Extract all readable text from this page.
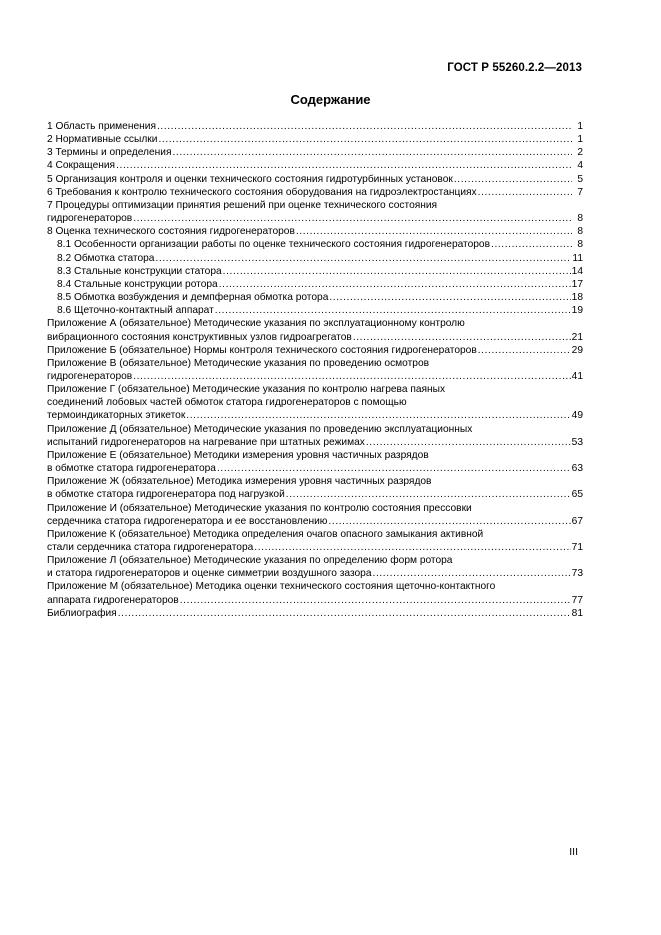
ГОСТ Р 55260.2.2—2013
Содержание
1 Область применения .....	1
2 Нормативные ссылки .....	1
3 Термины и определения .....	2
4 Сокращения .....	4
5 Организация контроля и оценки технического состояния гидротурбинных установок .....	5
6 Требования к контролю технического состояния оборудования на гидроэлектростанциях .....	7
7 Процедуры оптимизации принятия решений при оценке технического состояния
гидрогенераторов .....	8
8 Оценка технического состояния гидрогенераторов .....	8
8.1 Особенности организации работы по оценке технического состояния гидрогенераторов .....	8
8.2 Обмотка статора .....	11
8.3 Стальные конструкции статора .....	14
8.4 Стальные конструкции ротора .....	17
8.5 Обмотка возбуждения и демпферная обмотка ротора .....	18
8.6 Щеточно-контактный аппарат .....	19
Приложение А (обязательное) Методические указания по эксплуатационному контролю
вибрационного состояния конструктивных узлов гидроагрегатов .....	21
Приложение Б (обязательное) Нормы контроля технического состояния гидрогенераторов .....	29
Приложение В (обязательное) Методические указания по проведению осмотров
гидрогенераторов .....	41
Приложение Г (обязательное) Методические указания по контролю нагрева паяных
соединений лобовых частей обмоток статора гидрогенераторов с помощью
термоиндикаторных этикеток .....	49
Приложение Д (обязательное) Методические указания по проведению эксплуатационных
испытаний гидрогенераторов на нагревание при штатных режимах .....	53
Приложение Е (обязательное) Методики измерения уровня частичных разрядов
в обмотке статора гидрогенератора .....	63
Приложение Ж (обязательное) Методика измерения уровня частичных разрядов
в обмотке статора гидрогенератора под нагрузкой .....	65
Приложение И (обязательное) Методические указания по контролю состояния прессовки
сердечника статора гидрогенератора и ее восстановлению .....	67
Приложение К (обязательное) Методика определения очагов опасного замыкания активной
стали сердечника статора гидрогенератора .....	71
Приложение Л (обязательное) Методические указания по определению форм ротора
и статора гидрогенераторов и оценке симметрии воздушного зазора .....	73
Приложение М (обязательное) Методика оценки технического состояния щеточно-контактного
аппарата гидрогенераторов .....	77
Библиография .....	81
III
